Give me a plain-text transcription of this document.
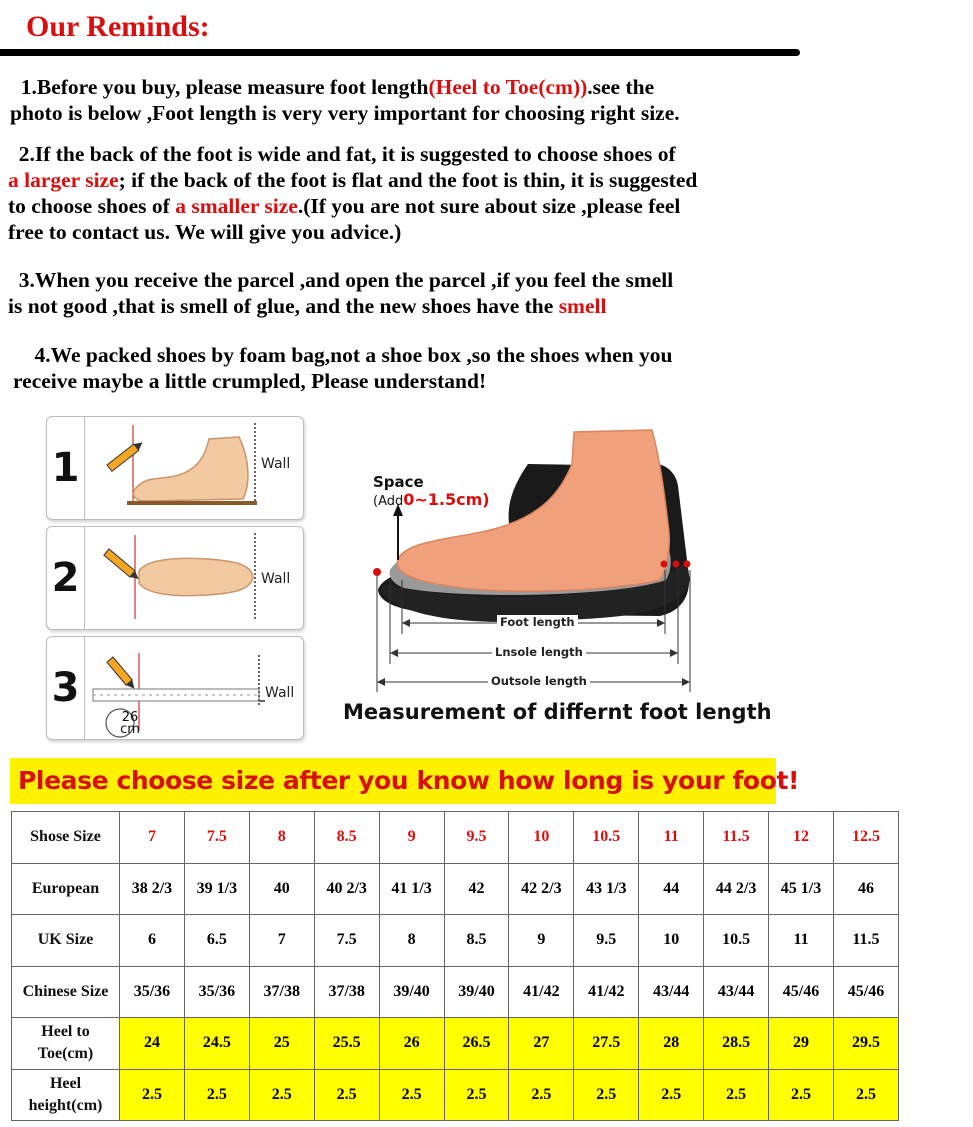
Our Reminds:
1.Before you buy, please measure foot length(Heel to Toe(cm)).see the
photo is below ,Foot length is very very important for choosing right size.
2.If the back of the foot is wide and fat, it is suggested to choose shoes of
a larger size; if the back of the foot is flat and the foot is thin, it is suggested
to choose shoes of a smaller size.(If you are not sure about size ,please feel
free to contact us. We will give you advice.)
3.When you receive the parcel ,and open the parcel ,if you feel the smell
is not good ,that is smell of glue, and the new shoes have the smell
4.We packed shoes by foam bag,not a shoe box ,so the shoes when you
receive maybe a little crumpled, Please understand!
1	Wall
2	Wall
3
26
cm
Wall
Space
(Add0~1.5cm)
Foot length
Lnsole length
Outsole length
Measurement of differnt foot length
Please choose size after you know how long is your foot!
Shose Size	7	7.5	8	8.5	9	9.5	10	10.5	11	11.5	12	12.5
European	38 2/3	39 1/3	40	40 2/3	41 1/3	42	42 2/3	43 1/3	44	44 2/3	45 1/3	46
UK Size	6	6.5	7	7.5	8	8.5	9	9.5	10	10.5	11	11.5
Chinese Size	35/36	35/36	37/38	37/38	39/40	39/40	41/42	41/42	43/44	43/44	45/46	45/46
Heel to Toe(cm)	24	24.5	25	25.5	26	26.5	27	27.5	28	28.5	29	29.5
Heel height(cm)	2.5	2.5	2.5	2.5	2.5	2.5	2.5	2.5	2.5	2.5	2.5	2.5
